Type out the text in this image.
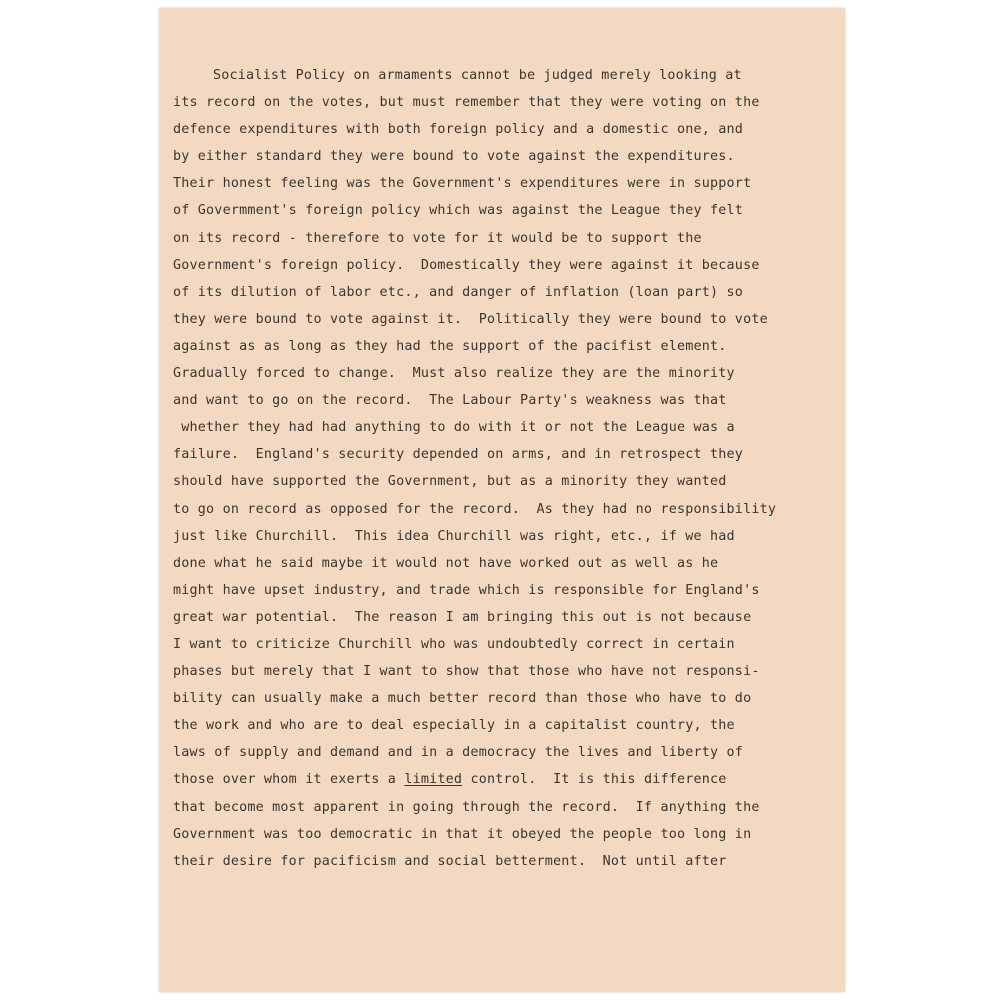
Socialist Policy on armaments cannot be judged merely looking at
its record on the votes, but must remember that they were voting on the
defence expenditures with both foreign policy and a domestic one, and
by either standard they were bound to vote against the expenditures.
Their honest feeling was the Government's expenditures were in support
of Govermment's foreign policy which was against the League they felt
on its record - therefore to vote for it would be to support the
Government's foreign policy.  Domestically they were against it because
of its dilution of labor etc., and danger of inflation (loan part) so
they were bound to vote against it.  Politically they were bound to vote
against as as long as they had the support of the pacifist element.
Gradually forced to change.  Must also realize they are the minority
and want to go on the record.  The Labour Party's weakness was that
whether they had had anything to do with it or not the League was a
failure.  England's security depended on arms, and in retrospect they
should have supported the Government, but as a minority they wanted
to go on record as opposed for the record.  As they had no responsibility
just like Churchill.  This idea Churchill was right, etc., if we had
done what he said maybe it would not have worked out as well as he
might have upset industry, and trade which is responsible for England's
great war potential.  The reason I am bringing this out is not because
I want to criticize Churchill who was undoubtedly correct in certain
phases but merely that I want to show that those who have not responsi-
bility can usually make a much better record than those who have to do
the work and who are to deal especially in a capitalist country, the
laws of supply and demand and in a democracy the lives and liberty of
those over whom it exerts a limited control.  It is this difference
that become most apparent in going through the record.  If anything the
Government was too democratic in that it obeyed the people too long in
their desire for pacificism and social betterment.  Not until after
